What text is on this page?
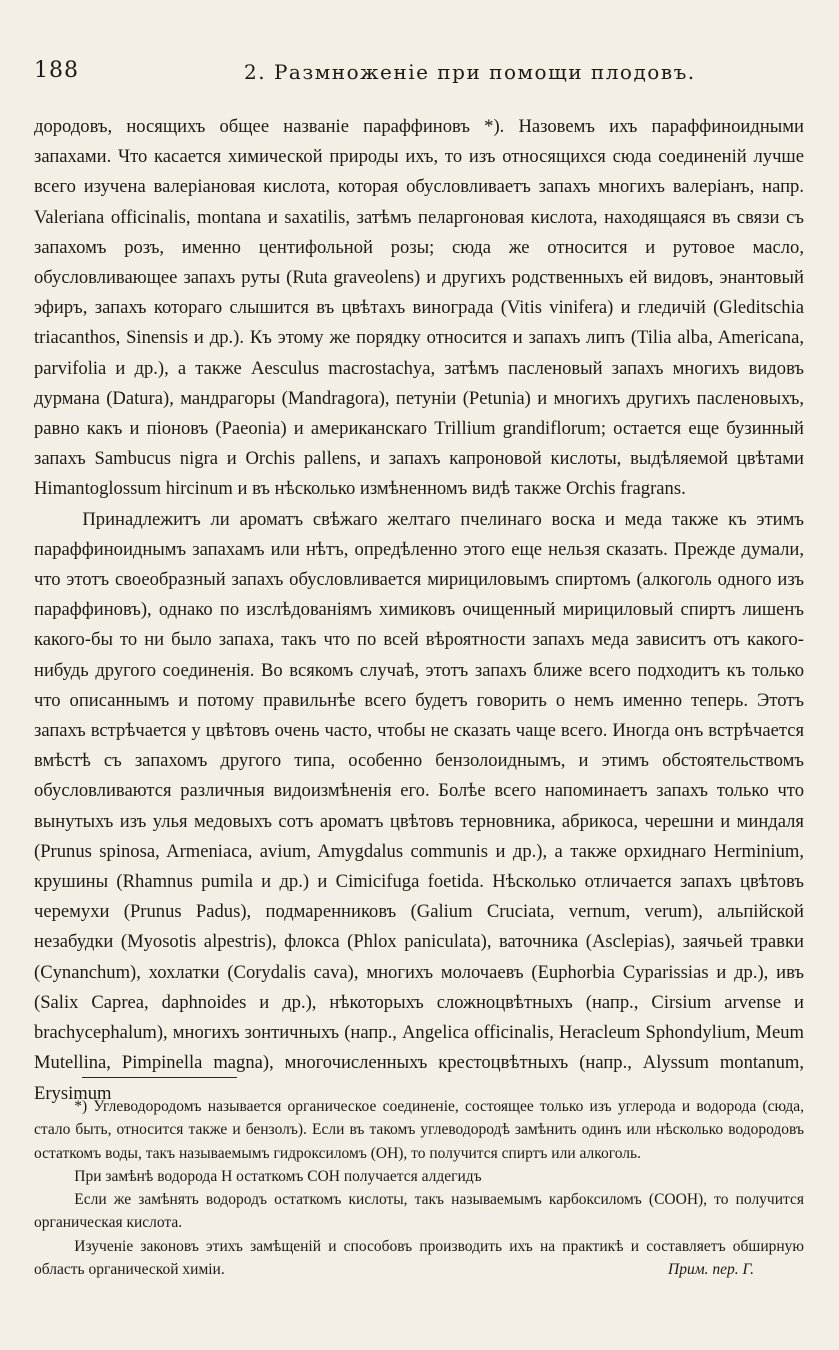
188	2. Размноженіе при помощи плодовъ.

дородовъ, носящихъ общее названіе параффиновъ *). Назовемъ ихъ параффиноидными запахами. Что касается химической природы ихъ, то изъ относящихся сюда соединеній лучше всего изучена валеріановая кислота, которая обусловливаетъ запахъ многихъ валеріанъ, напр. Valeriana officinalis, montana и saxatilis, затѣмъ пеларгоновая кислота, находящаяся въ связи съ запахомъ розъ, именно центифольной розы; сюда же относится и рутовое масло, обусловливающее запахъ руты (Ruta graveolens) и другихъ родственныхъ ей видовъ, энантовый эфиръ, запахъ котораго слышится въ цвѣтахъ винограда (Vitis vinifera) и гледичій (Gleditschia triacanthos, Sinensis и др.). Къ этому же порядку относится и запахъ липъ (Tilia alba, Americana, parvifolia и др.), а также Aesculus macrostachya, затѣмъ пасленовый запахъ многихъ видовъ дурмана (Datura), мандрагоры (Mandragora), петуніи (Petunia) и многихъ другихъ пасленовыхъ, равно какъ и піоновъ (Paeonia) и американскаго Trillium grandiflorum; остается еще бузинный запахъ Sambucus nigra и Orchis pallens, и запахъ капроновой кислоты, выдѣляемой цвѣтами Himantoglossum hircinum и въ нѣсколько измѣненномъ видѣ также Orchis fragrans.

Принадлежитъ ли ароматъ свѣжаго желтаго пчелинаго воска и меда также къ этимъ параффиноиднымъ запахамъ или нѣтъ, опредѣленно этого еще нельзя сказать. Прежде думали, что этотъ своеобразный запахъ обусловливается мирициловымъ спиртомъ (алкоголь одного изъ параффиновъ), однако по изслѣдованіямъ химиковъ очищенный мирициловый спиртъ лишенъ какого-бы то ни было запаха, такъ что по всей вѣроятности запахъ меда зависитъ отъ какого-нибудь другого соединенія. Во всякомъ случаѣ, этотъ запахъ ближе всего подходитъ къ только что описаннымъ и потому правильнѣе всего будетъ говорить о немъ именно теперь. Этотъ запахъ встрѣчается у цвѣтовъ очень часто, чтобы не сказать чаще всего. Иногда онъ встрѣчается вмѣстѣ съ запахомъ другого типа, особенно бензолоиднымъ, и этимъ обстоятельствомъ обусловливаются различныя видоизмѣненія его. Болѣе всего напоминаетъ запахъ только что вынутыхъ изъ улья медовыхъ сотъ ароматъ цвѣтовъ терновника, абрикоса, черешни и миндаля (Prunus spinosa, Armeniaca, avium, Amygdalus communis и др.), а также орхиднаго Herminium, крушины (Rhamnus pumila и др.) и Cimicifuga foetida. Нѣсколько отличается запахъ цвѣтовъ черемухи (Prunus Padus), подмаренниковъ (Galium Cruciata, vernum, verum), альпійской незабудки (Myosotis alpestris), флокса (Phlox paniculata), ваточника (Asclepias), заячьей травки (Cynanchum), хохлатки (Corydalis cava), многихъ молочаевъ (Euphorbia Cyparissias и др.), ивъ (Salix Caprea, daphnoides и др.), нѣкоторыхъ сложноцвѣтныхъ (напр., Cirsium arvense и brachycephalum), многихъ зонтичныхъ (напр., Angelica officinalis, Heracleum Sphondylium, Meum Mutellina, Pimpinella magna), многочисленныхъ крестоцвѣтныхъ (напр., Alyssum montanum, Erysimum

*) Углеводородомъ называется органическое соединеніе, состоящее только изъ углерода и водорода (сюда, стало быть, относится также и бензолъ). Если въ такомъ углеводородѣ замѣнить одинъ или нѣсколько водородовъ остаткомъ воды, такъ называемымъ гидроксиломъ (OH), то получится спиртъ или алкоголь.

При замѣнѣ водорода H остаткомъ COH получается алдегидъ

Если же замѣнять водородъ остаткомъ кислоты, такъ называемымъ карбоксиломъ (COOH), то получится органическая кислота.

Изученіе законовъ этихъ замѣщеній и способовъ производить ихъ на практикѣ и составляетъ обширную область органической химіи.	Прим. пер. Г.
